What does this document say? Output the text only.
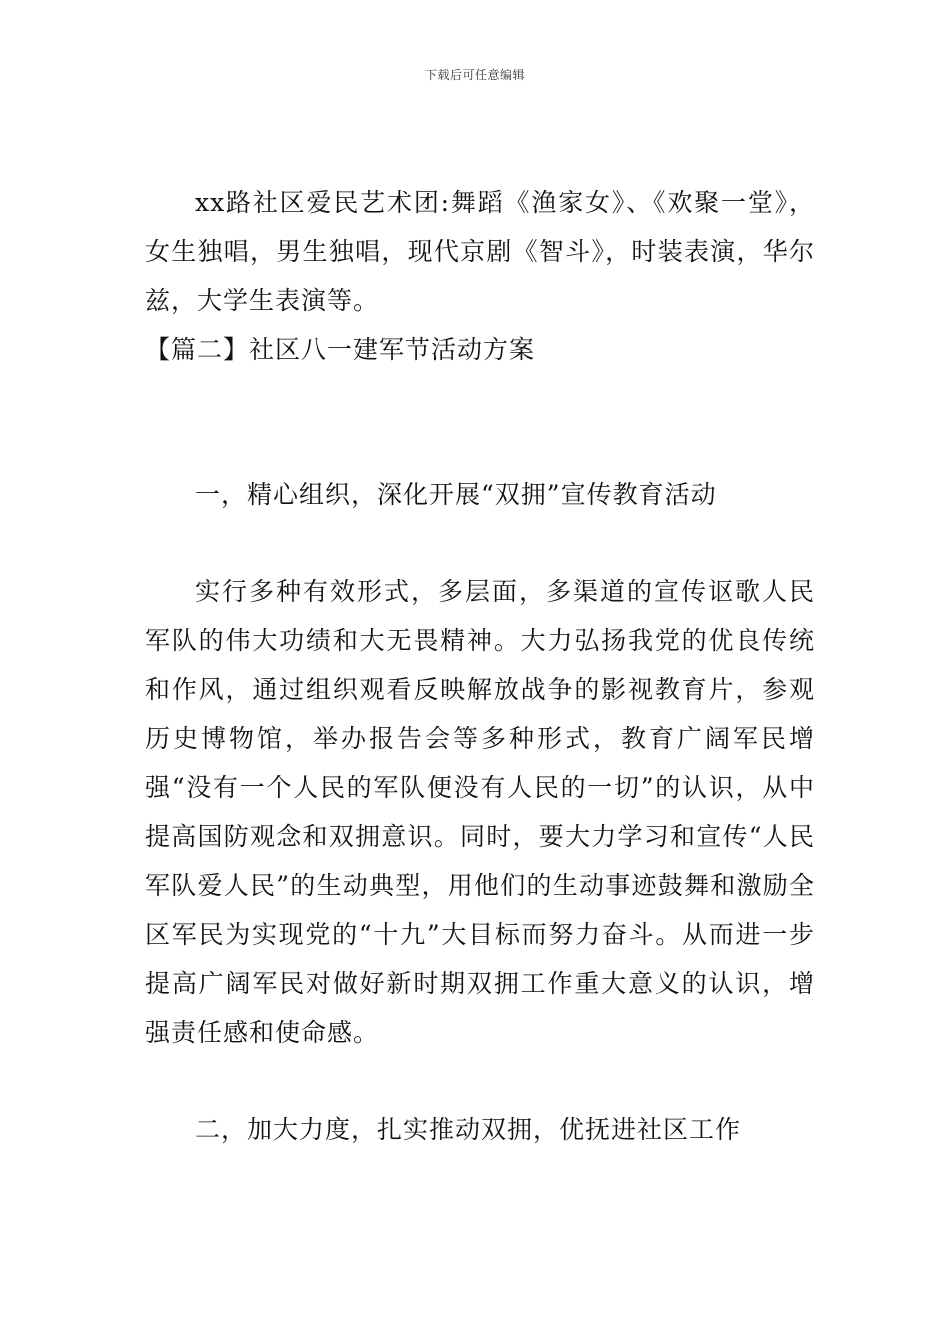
下载后可任意编辑

xx路社区爱民艺术团:舞蹈《渔家女》、《欢聚一堂》，女生独唱，男生独唱，现代京剧《智斗》，时装表演，华尔兹，大学生表演等。

【篇二】社区八一建军节活动方案

一，精心组织，深化开展“双拥”宣传教育活动

实行多种有效形式，多层面，多渠道的宣传讴歌人民军队的伟大功绩和大无畏精神。大力弘扬我党的优良传统和作风，通过组织观看反映解放战争的影视教育片，参观历史博物馆，举办报告会等多种形式，教育广阔军民增强“没有一个人民的军队便没有人民的一切”的认识，从中提高国防观念和双拥意识。同时，要大力学习和宣传“人民军队爱人民”的生动典型，用他们的生动事迹鼓舞和激励全区军民为实现党的“十九”大目标而努力奋斗。从而进一步提高广阔军民对做好新时期双拥工作重大意义的认识，增强责任感和使命感。

二，加大力度，扎实推动双拥，优抚进社区工作
